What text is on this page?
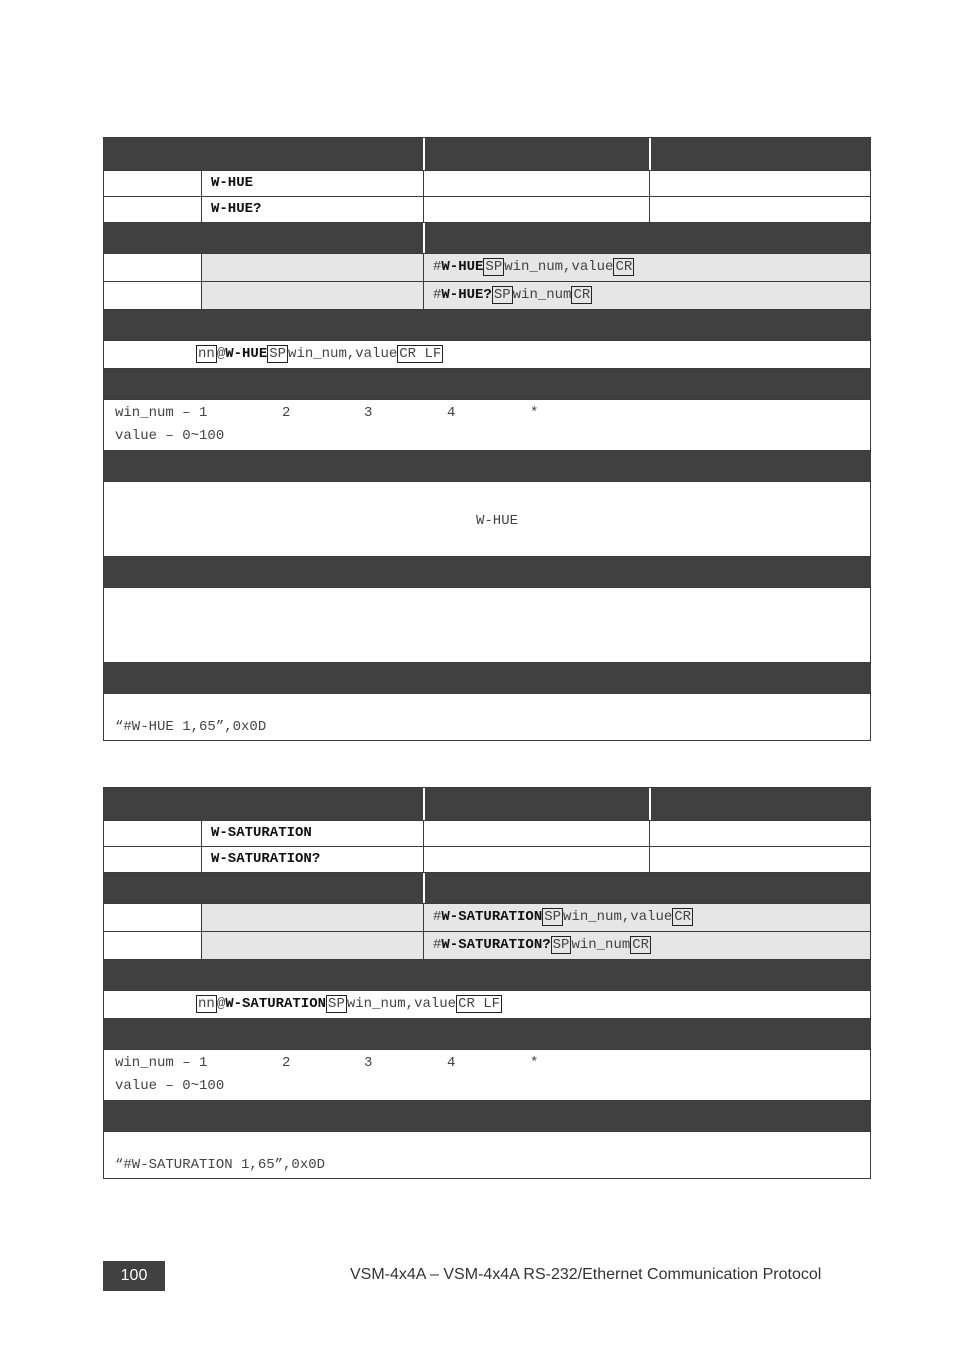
W-HUE
W-HUE?
#W-HUE SP win_num,value CR
#W-HUE? SP win_num CR
nn @W-HUE SP win_num,value CR LF
win_num – 1	2	3	4	*
value – 0~100
W-HUE
“#W-HUE 1,65”,0x0D
W-SATURATION
W-SATURATION?
#W-SATURATION SP win_num,value CR
#W-SATURATION? SP win_num CR
nn @W-SATURATION SP win_num,value CR LF
win_num – 1	2	3	4	*
value – 0~100
“#W-SATURATION 1,65”,0x0D
100	VSM-4x4A – VSM-4x4A RS-232/Ethernet Communication Protocol
